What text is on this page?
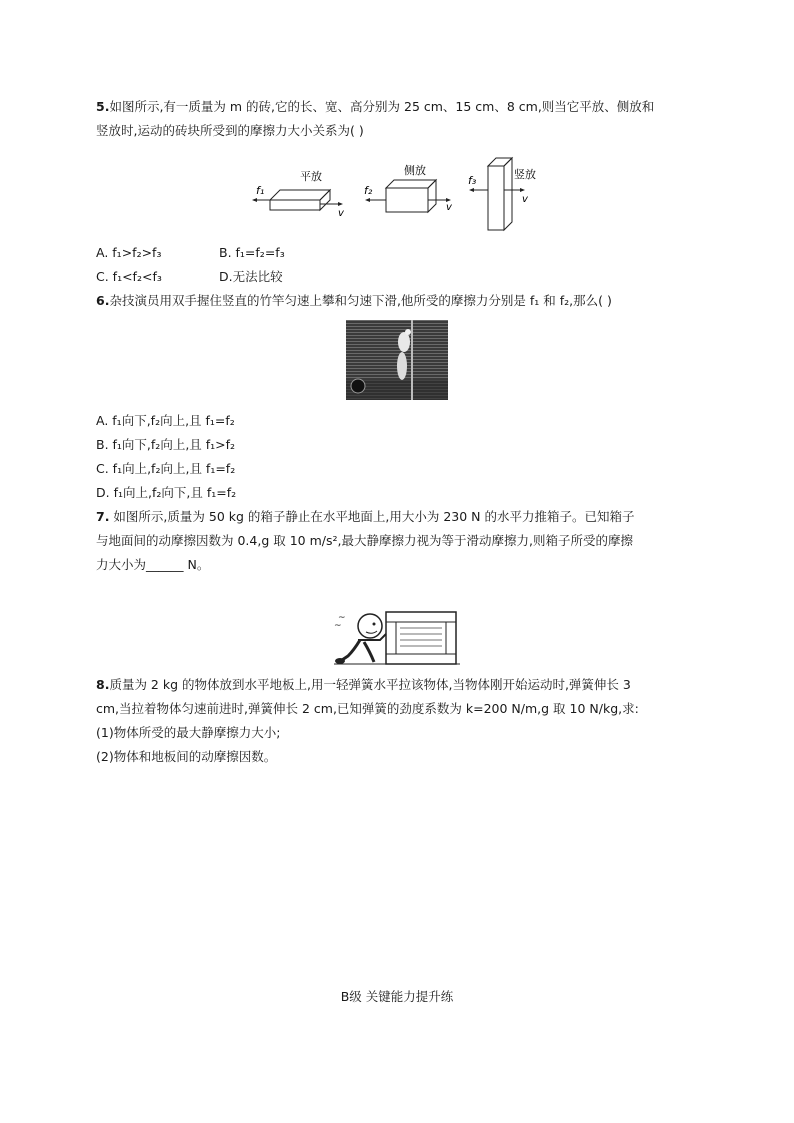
5.如图所示,有一质量为 m 的砖,它的长、宽、高分别为 25 cm、15 cm、8 cm,则当它平放、侧放和
竖放时,运动的砖块所受到的摩擦力大小关系为( )
平放
f₁
v
侧放
f₂
v
竖放
f₃
v
A. f₁>f₂>f₃	B. f₁=f₂=f₃
C. f₁<f₂<f₃	D.无法比较
6.杂技演员用双手握住竖直的竹竿匀速上攀和匀速下滑,他所受的摩擦力分别是 f₁ 和 f₂,那么( )
A. f₁向下,f₂向上,且 f₁=f₂
B. f₁向下,f₂向上,且 f₁>f₂
C. f₁向上,f₂向上,且 f₁=f₂
D. f₁向上,f₂向下,且 f₁=f₂
7. 如图所示,质量为 50 kg 的箱子静止在水平地面上,用大小为 230 N 的水平力推箱子。已知箱子
与地面间的动摩擦因数为 0.4,g 取 10 m/s²,最大静摩擦力视为等于滑动摩擦力,则箱子所受的摩擦
力大小为______ N。
~
~
8.质量为 2 kg 的物体放到水平地板上,用一轻弹簧水平拉该物体,当物体刚开始运动时,弹簧伸长 3
cm,当拉着物体匀速前进时,弹簧伸长 2 cm,已知弹簧的劲度系数为 k=200 N/m,g 取 10 N/kg,求:
(1)物体所受的最大静摩擦力大小;
(2)物体和地板间的动摩擦因数。
B级 关键能力提升练
